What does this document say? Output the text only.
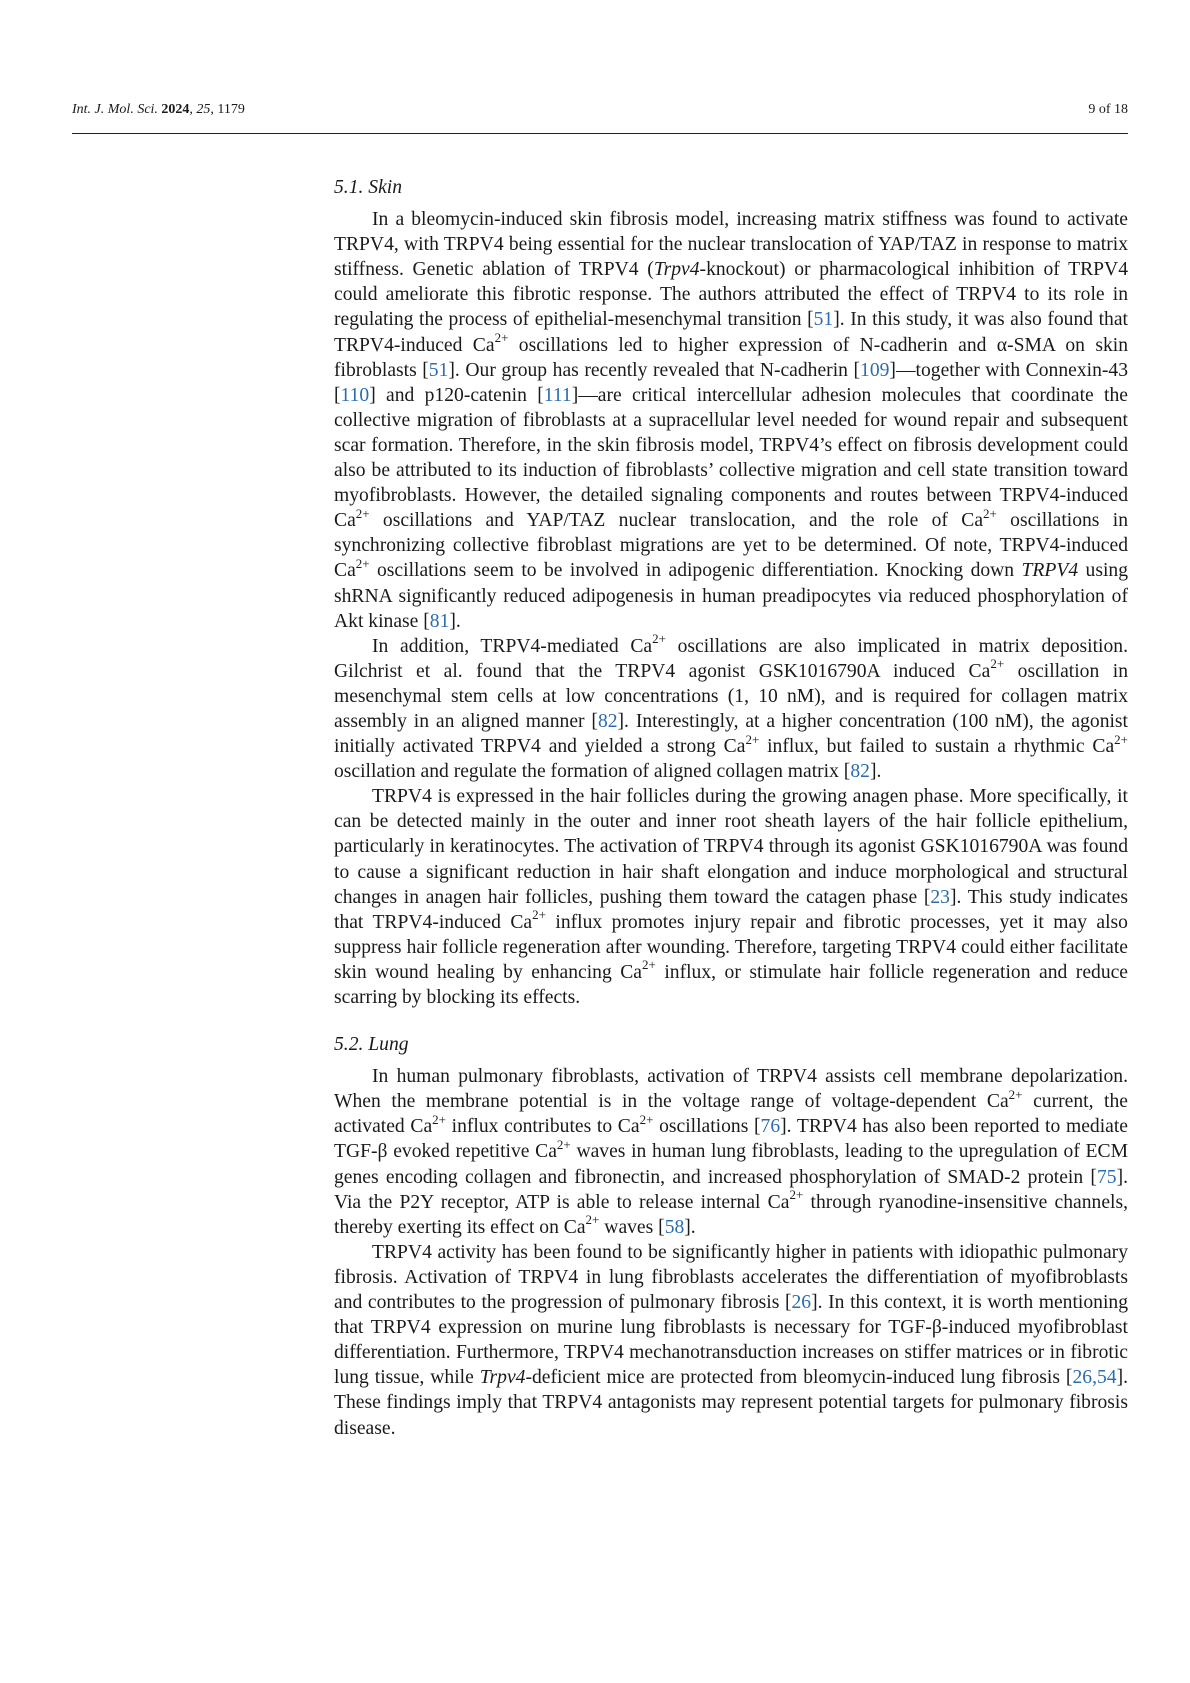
Int. J. Mol. Sci. 2024, 25, 1179	9 of 18
5.1. Skin

In a bleomycin-induced skin fibrosis model, increasing matrix stiffness was found to activate TRPV4, with TRPV4 being essential for the nuclear translocation of YAP/TAZ in response to matrix stiffness. Genetic ablation of TRPV4 (Trpv4-knockout) or pharmacological inhibition of TRPV4 could ameliorate this fibrotic response. The authors attributed the effect of TRPV4 to its role in regulating the process of epithelial-mesenchymal transition [51]. In this study, it was also found that TRPV4-induced $Ca^{2+}$ oscillations led to higher expression of N-cadherin and α-SMA on skin fibroblasts [51]. Our group has recently revealed that N-cadherin [109]—together with Connexin-43 [110] and p120-catenin [111]—are critical intercellular adhesion molecules that coordinate the collective migration of fibroblasts at a supracellular level needed for wound repair and subsequent scar formation. Therefore, in the skin fibrosis model, TRPV4’s effect on fibrosis development could also be attributed to its induction of fibroblasts’ collective migration and cell state transition toward myofibroblasts. However, the detailed signaling components and routes between TRPV4-induced $Ca^{2+}$ oscillations and YAP/TAZ nuclear translocation, and the role of $Ca^{2+}$ oscillations in synchronizing collective fibroblast migrations are yet to be determined. Of note, TRPV4-induced $Ca^{2+}$ oscillations seem to be involved in adipogenic differentiation. Knocking down TRPV4 using shRNA significantly reduced adipogenesis in human preadipocytes via reduced phosphorylation of Akt kinase [81].

In addition, TRPV4-mediated $Ca^{2+}$ oscillations are also implicated in matrix deposition. Gilchrist et al. found that the TRPV4 agonist GSK1016790A induced $Ca^{2+}$ oscillation in mesenchymal stem cells at low concentrations (1, 10 nM), and is required for collagen matrix assembly in an aligned manner [82]. Interestingly, at a higher concentration (100 nM), the agonist initially activated TRPV4 and yielded a strong $Ca^{2+}$ influx, but failed to sustain a rhythmic $Ca^{2+}$ oscillation and regulate the formation of aligned collagen matrix [82].

TRPV4 is expressed in the hair follicles during the growing anagen phase. More specifically, it can be detected mainly in the outer and inner root sheath layers of the hair follicle epithelium, particularly in keratinocytes. The activation of TRPV4 through its agonist GSK1016790A was found to cause a significant reduction in hair shaft elongation and induce morphological and structural changes in anagen hair follicles, pushing them toward the catagen phase [23]. This study indicates that TRPV4-induced $Ca^{2+}$ influx promotes injury repair and fibrotic processes, yet it may also suppress hair follicle regeneration after wounding. Therefore, targeting TRPV4 could either facilitate skin wound healing by enhancing $Ca^{2+}$ influx, or stimulate hair follicle regeneration and reduce scarring by blocking its effects.

5.2. Lung

In human pulmonary fibroblasts, activation of TRPV4 assists cell membrane depolarization. When the membrane potential is in the voltage range of voltage-dependent $Ca^{2+}$ current, the activated $Ca^{2+}$ influx contributes to $Ca^{2+}$ oscillations [76]. TRPV4 has also been reported to mediate TGF-β evoked repetitive $Ca^{2+}$ waves in human lung fibroblasts, leading to the upregulation of ECM genes encoding collagen and fibronectin, and increased phosphorylation of SMAD-2 protein [75]. Via the P2Y receptor, ATP is able to release internal $Ca^{2+}$ through ryanodine-insensitive channels, thereby exerting its effect on $Ca^{2+}$ waves [58].

TRPV4 activity has been found to be significantly higher in patients with idiopathic pulmonary fibrosis. Activation of TRPV4 in lung fibroblasts accelerates the differentiation of myofibroblasts and contributes to the progression of pulmonary fibrosis [26]. In this context, it is worth mentioning that TRPV4 expression on murine lung fibroblasts is necessary for TGF-β-induced myofibroblast differentiation. Furthermore, TRPV4 mechanotransduction increases on stiffer matrices or in fibrotic lung tissue, while Trpv4-deficient mice are protected from bleomycin-induced lung fibrosis [26,54]. These findings imply that TRPV4 antagonists may represent potential targets for pulmonary fibrosis disease.
